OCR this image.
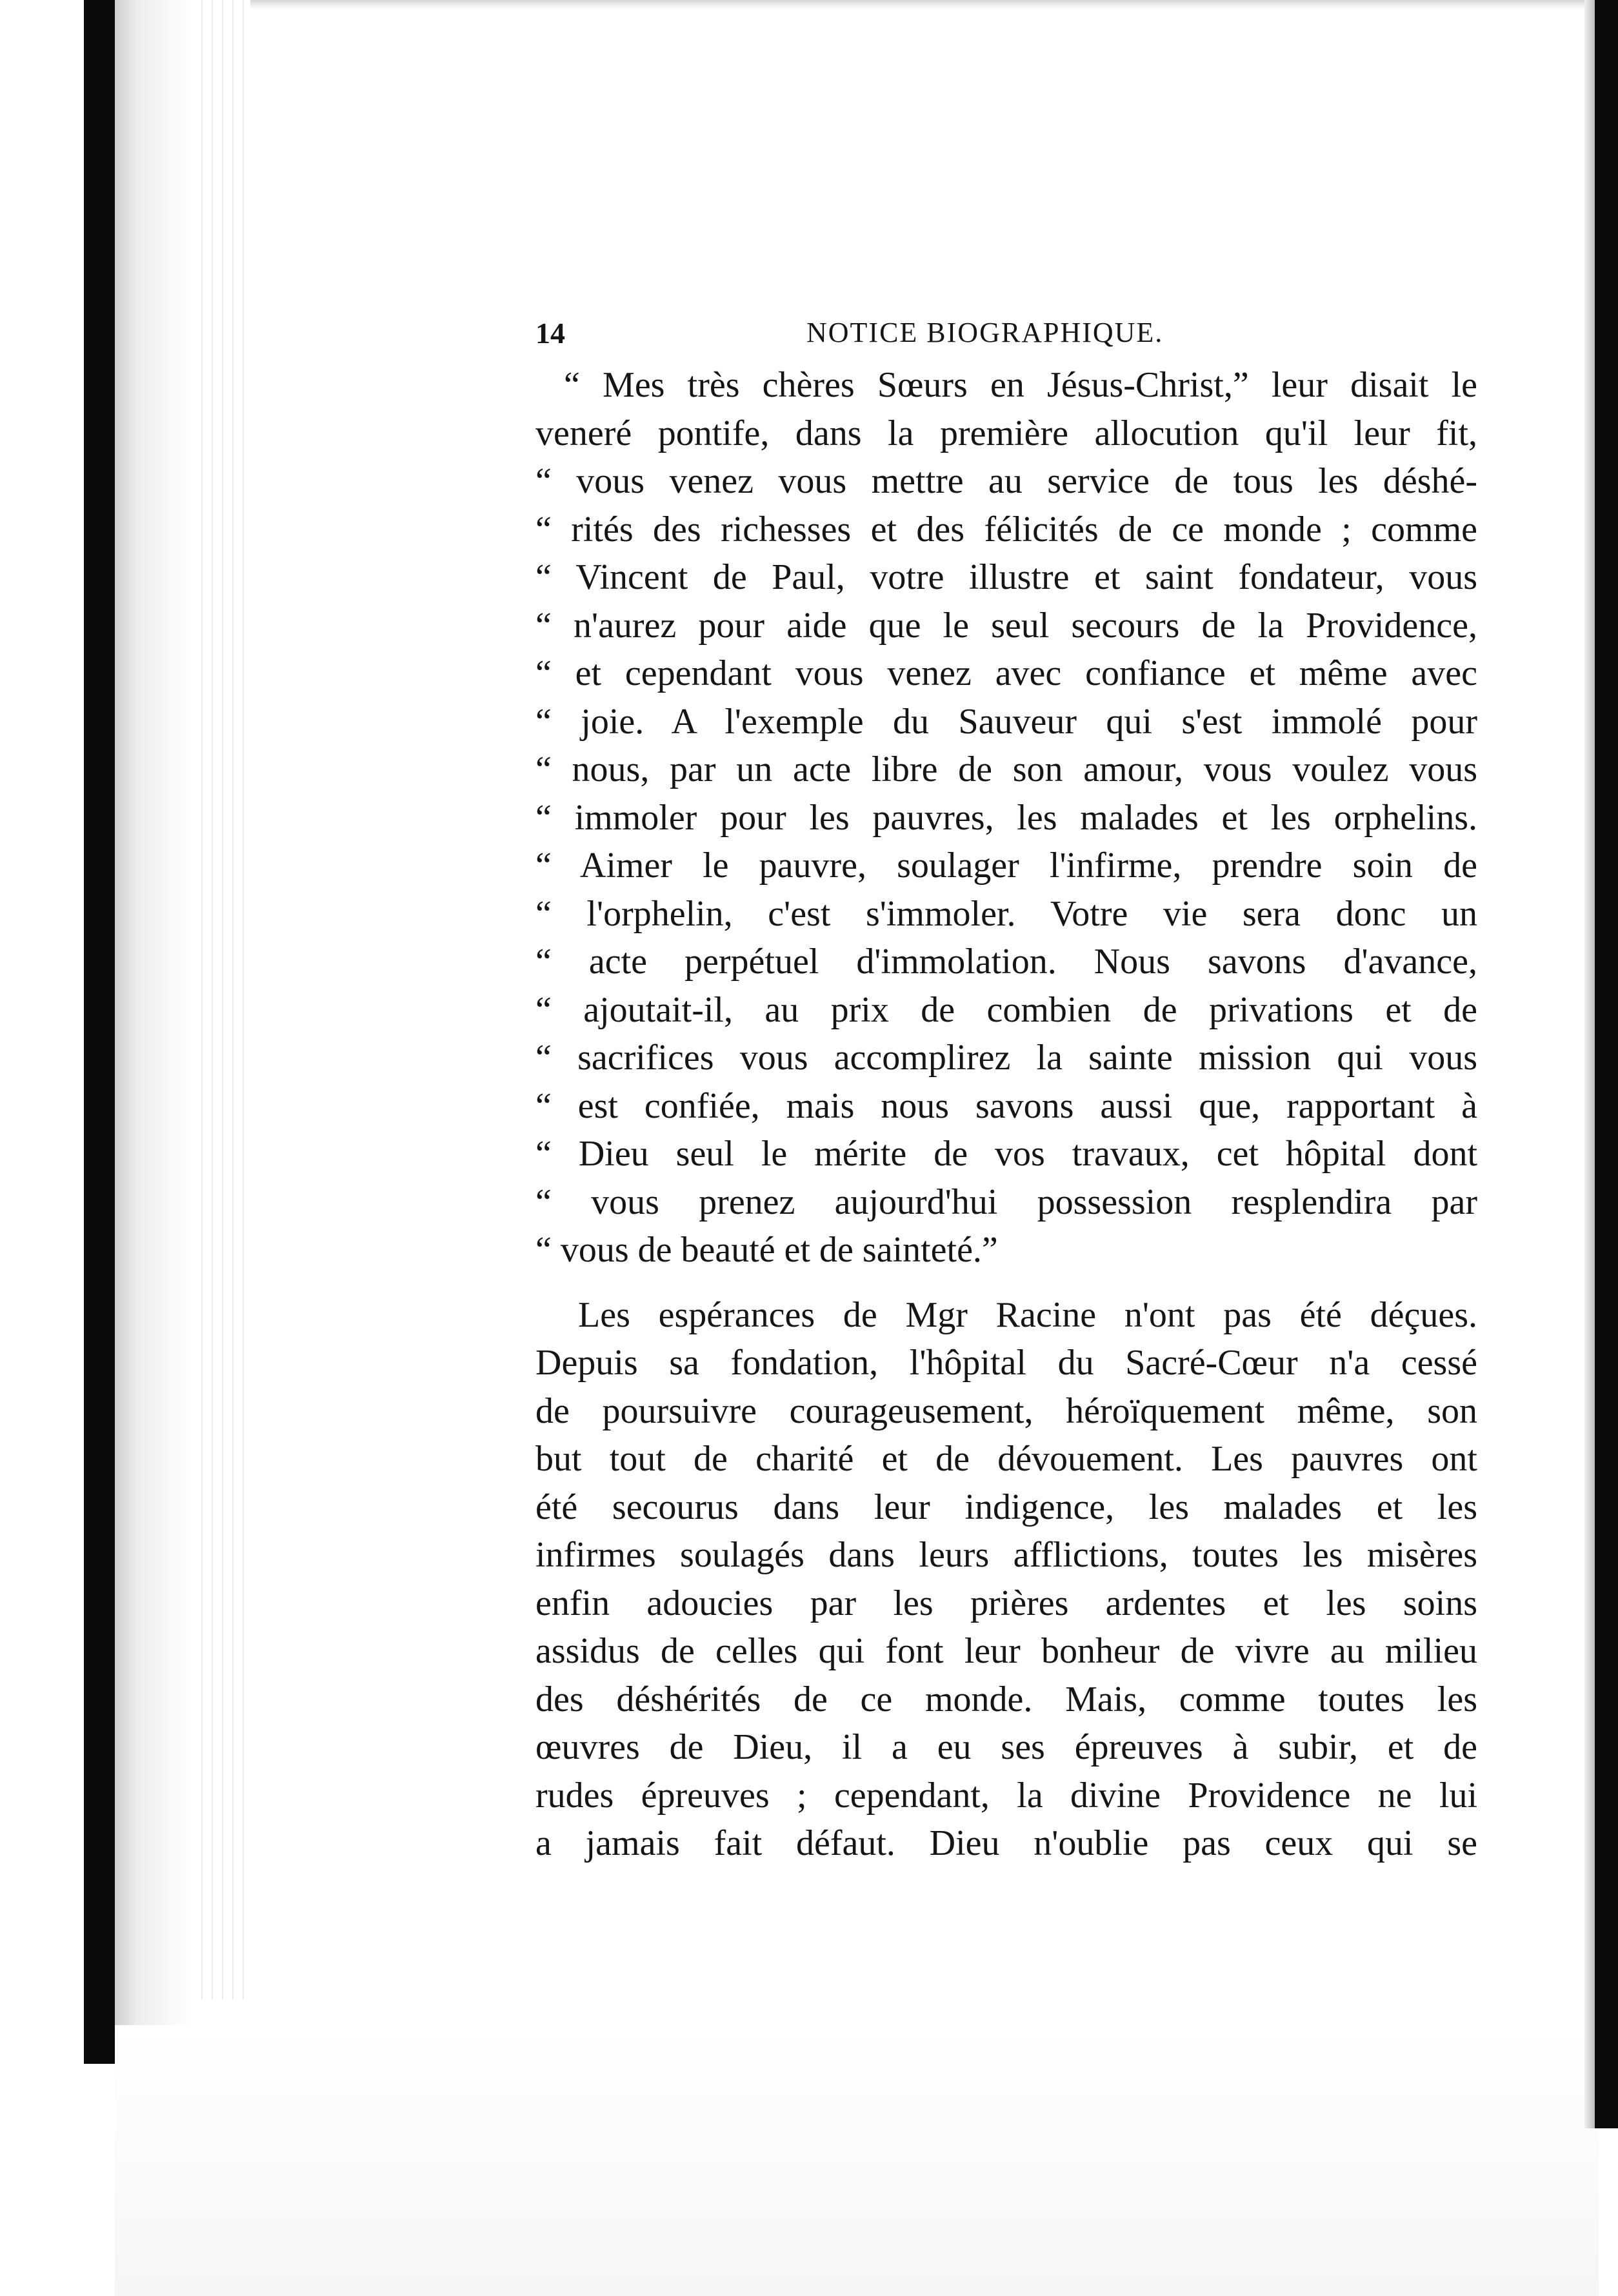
14	NOTICE BIOGRAPHIQUE.
“ Mes très chères Sœurs en Jésus-Christ,” leur disait le
veneré pontife, dans la première allocution qu'il leur fit,
“ vous venez vous mettre au service de tous les déshé-
“ rités des richesses et des félicités de ce monde ; comme
“ Vincent de Paul, votre illustre et saint fondateur, vous
“ n'aurez pour aide que le seul secours de la Providence,
“ et cependant vous venez avec confiance et même avec
“ joie. A l'exemple du Sauveur qui s'est immolé pour
“ nous, par un acte libre de son amour, vous voulez vous
“ immoler pour les pauvres, les malades et les orphelins.
“ Aimer le pauvre, soulager l'infirme, prendre soin de
“ l'orphelin, c'est s'immoler. Votre vie sera donc un
“ acte perpétuel d'immolation. Nous savons d'avance,
“ ajoutait-il, au prix de combien de privations et de
“ sacrifices vous accomplirez la sainte mission qui vous
“ est confiée, mais nous savons aussi que, rapportant à
“ Dieu seul le mérite de vos travaux, cet hôpital dont
“ vous prenez aujourd'hui possession resplendira par
“ vous de beauté et de sainteté.”
Les espérances de Mgr Racine n'ont pas été déçues.
Depuis sa fondation, l'hôpital du Sacré-Cœur n'a cessé
de poursuivre courageusement, héroïquement même, son
but tout de charité et de dévouement. Les pauvres ont
été secourus dans leur indigence, les malades et les
infirmes soulagés dans leurs afflictions, toutes les misères
enfin adoucies par les prières ardentes et les soins
assidus de celles qui font leur bonheur de vivre au milieu
des déshérités de ce monde. Mais, comme toutes les
œuvres de Dieu, il a eu ses épreuves à subir, et de
rudes épreuves ; cependant, la divine Providence ne lui
a jamais fait défaut. Dieu n'oublie pas ceux qui se
